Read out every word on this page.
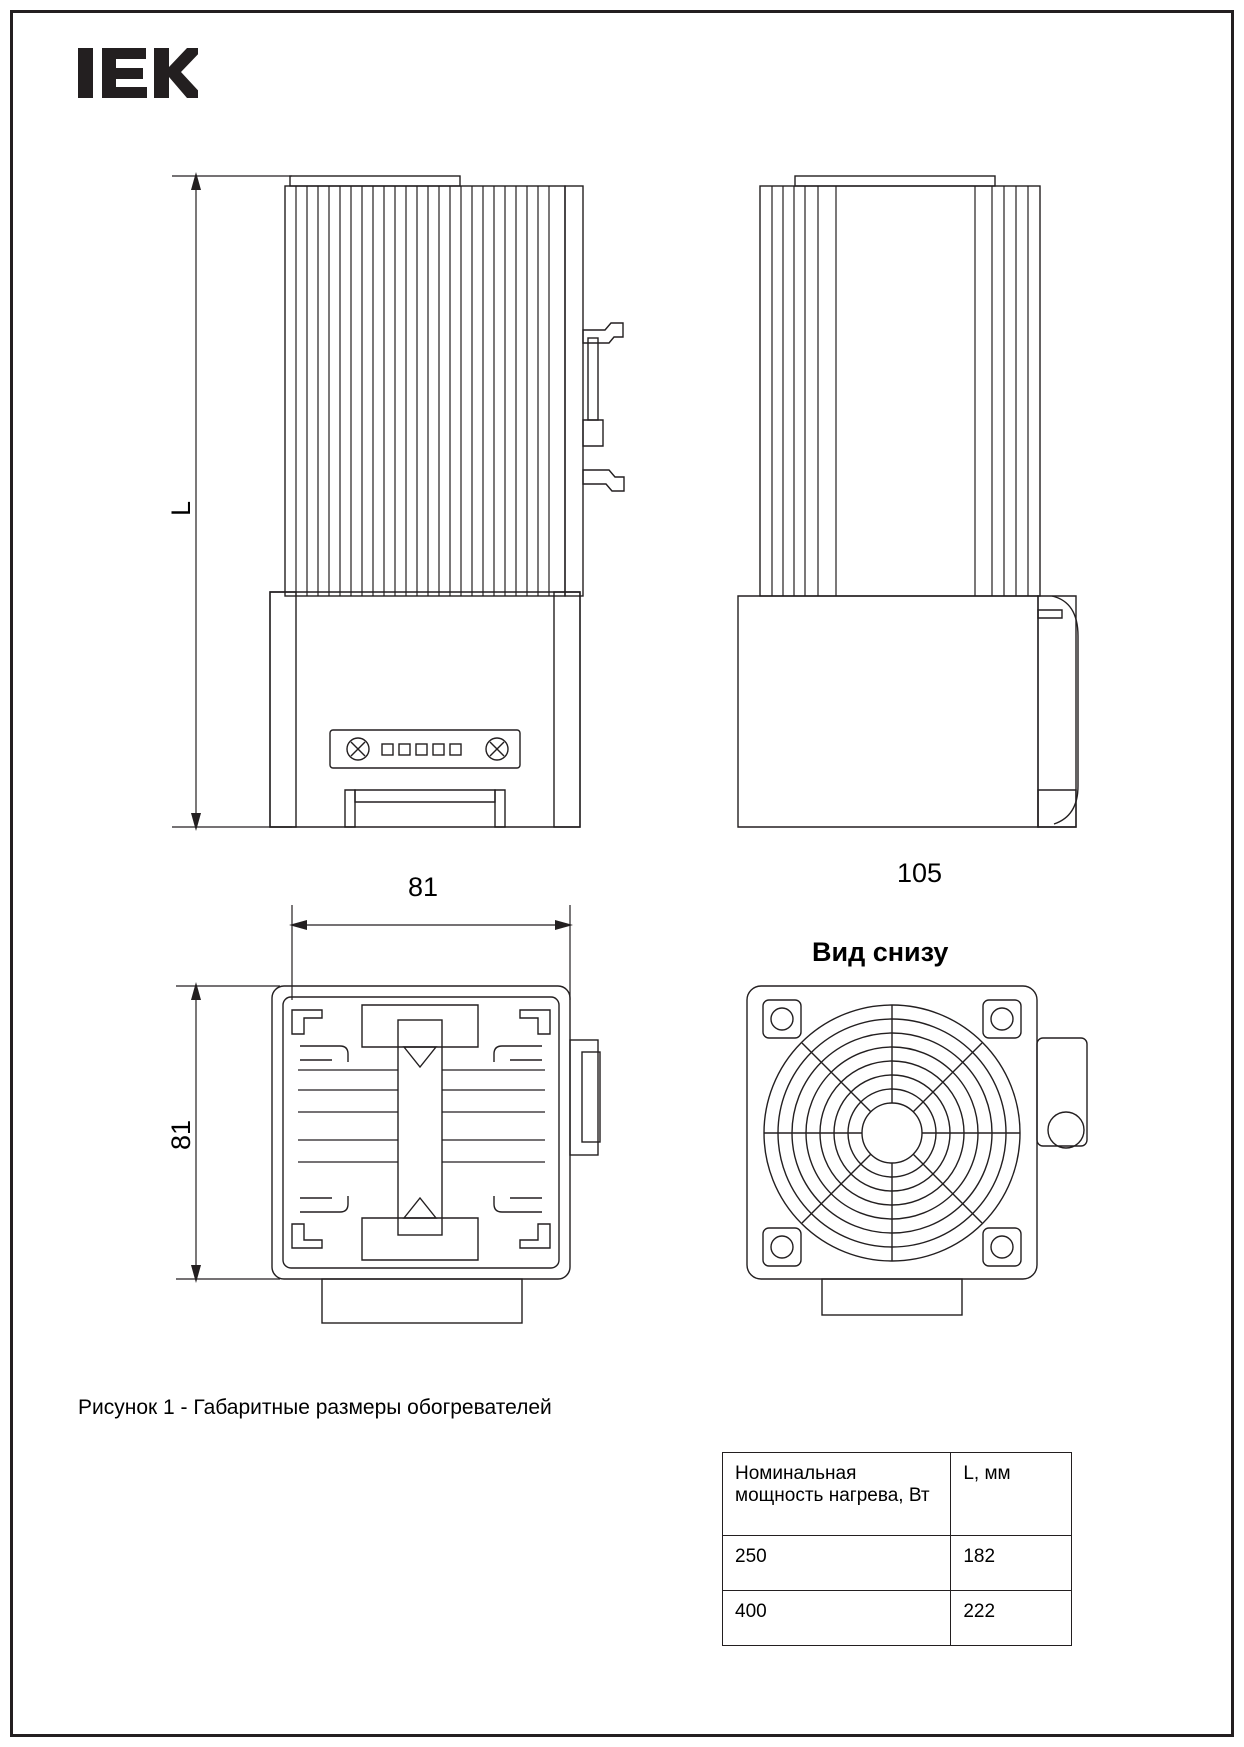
L
81	105
81
Вид снизу
Рисунок 1 - Габаритные размеры обогревателей
Номинальная
мощность нагрева, Вт	L, мм
250	182
400	222
